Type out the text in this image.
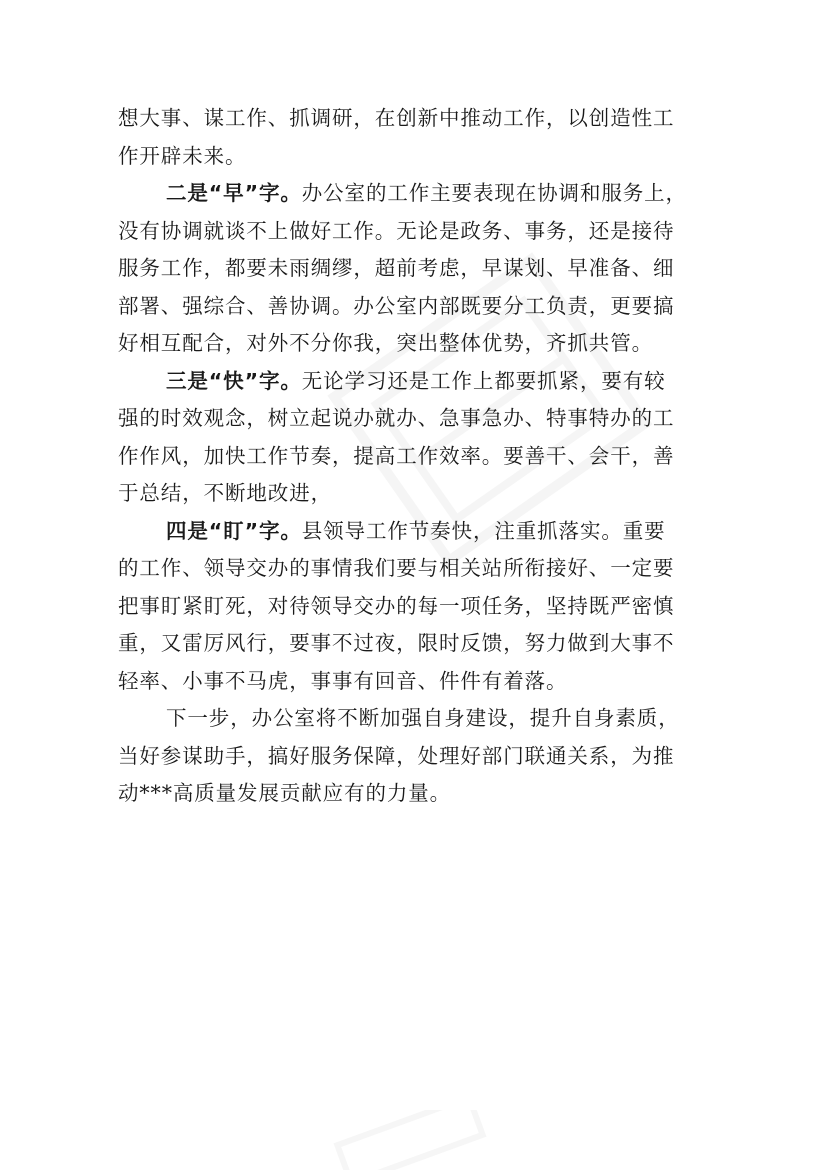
想大事、谋工作、抓调研，在创新中推动工作，以创造性工
作开辟未来。
二是“早”字。办公室的工作主要表现在协调和服务上，
没有协调就谈不上做好工作。无论是政务、事务，还是接待
服务工作，都要未雨绸缪，超前考虑，早谋划、早准备、细
部署、强综合、善协调。办公室内部既要分工负责，更要搞
好相互配合，对外不分你我，突出整体优势，齐抓共管。
三是“快”字。无论学习还是工作上都要抓紧，要有较
强的时效观念，树立起说办就办、急事急办、特事特办的工
作作风，加快工作节奏，提高工作效率。要善干、会干，善
于总结，不断地改进，
四是“盯”字。县领导工作节奏快，注重抓落实。重要
的工作、领导交办的事情我们要与相关站所衔接好、一定要
把事盯紧盯死，对待领导交办的每一项任务，坚持既严密慎
重，又雷厉风行，要事不过夜，限时反馈，努力做到大事不
轻率、小事不马虎，事事有回音、件件有着落。
下一步，办公室将不断加强自身建设，提升自身素质，
当好参谋助手，搞好服务保障，处理好部门联通关系，为推
动***高质量发展贡献应有的力量。
